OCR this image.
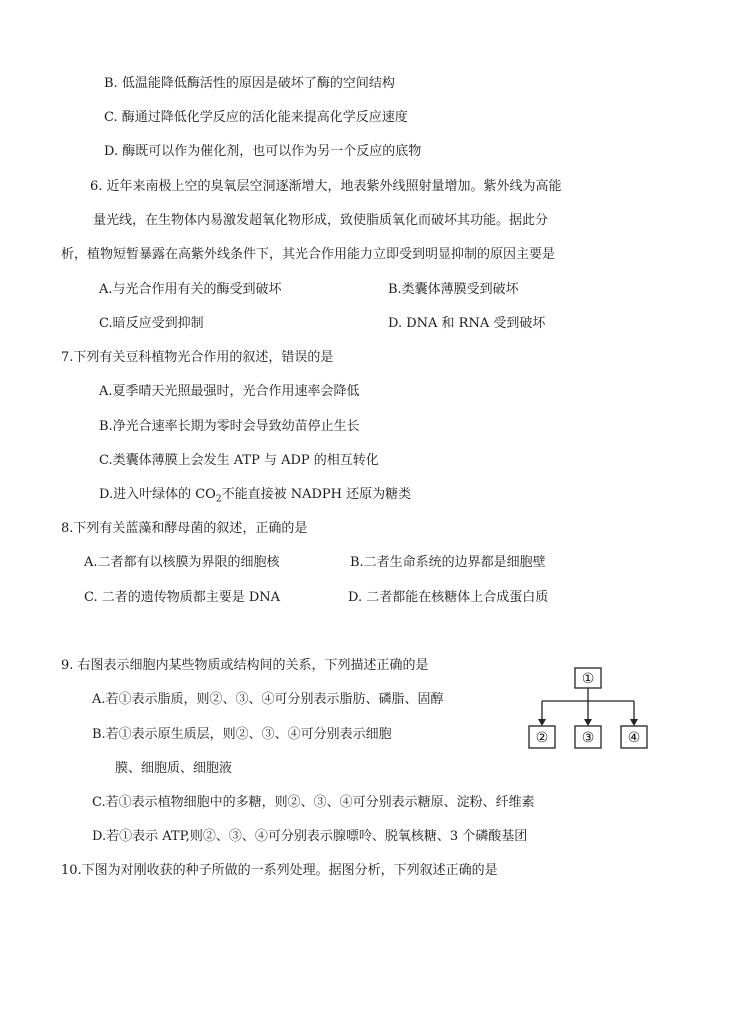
B. 低温能降低酶活性的原因是破坏了酶的空间结构
C. 酶通过降低化学反应的活化能来提高化学反应速度
D. 酶既可以作为催化剂，也可以作为另一个反应的底物
6. 近年来南极上空的臭氧层空洞逐渐增大，地表紫外线照射量增加。紫外线为高能
量光线，在生物体内易激发超氧化物形成，致使脂质氧化而破坏其功能。据此分
析，植物短暂暴露在高紫外线条件下，其光合作用能力立即受到明显抑制的原因主要是
A.与光合作用有关的酶受到破坏	B.类囊体薄膜受到破坏
C.暗反应受到抑制	D. DNA 和 RNA 受到破坏
7.下列有关豆科植物光合作用的叙述，错误的是
A.夏季晴天光照最强时，光合作用速率会降低
B.净光合速率长期为零时会导致幼苗停止生长
C.类囊体薄膜上会发生 ATP 与 ADP 的相互转化
D.进入叶绿体的 $CO_2$不能直接被 NADPH 还原为糖类
8.下列有关蓝藻和酵母菌的叙述，正确的是
A.二者都有以核膜为界限的细胞核	B.二者生命系统的边界都是细胞壁
C. 二者的遗传物质都主要是 DNA	D. 二者都能在核糖体上合成蛋白质
9. 右图表示细胞内某些物质或结构间的关系，下列描述正确的是
A.若①表示脂质，则②、③、④可分别表示脂肪、磷脂、固醇
B.若①表示原生质层，则②、③、④可分别表示细胞
膜、细胞质、细胞液
C.若①表示植物细胞中的多糖，则②、③、④可分别表示糖原、淀粉、纤维素
D.若①表示 ATP,则②、③、④可分别表示腺嘌呤、脱氧核糖、3 个磷酸基团
①
② ③ ④
10.下图为对刚收获的种子所做的一系列处理。据图分析，下列叙述正确的是
